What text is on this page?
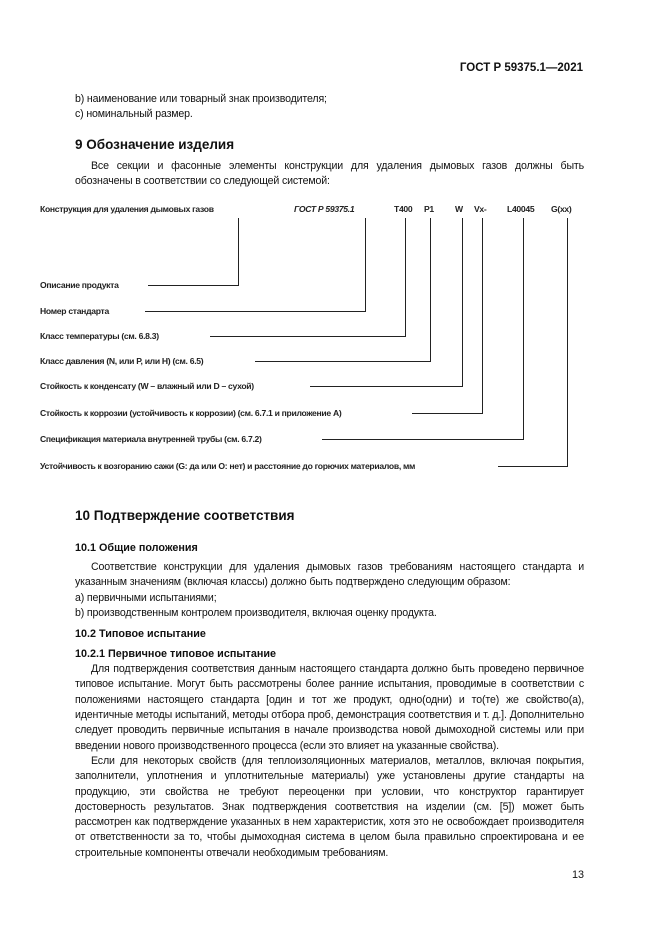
ГОСТ Р 59375.1—2021
b) наименование или товарный знак производителя;
c) номинальный размер.
9 Обозначение изделия
Все секции и фасонные элементы конструкции для удаления дымовых газов должны быть обозначены в соответствии со следующей системой:
Конструкция для удаления дымовых газов	ГОСТ Р 59375.1	Т400 P1 W Vx- L40045 G(xx)
Описание продукта
Номер стандарта
Класс температуры (см. 6.8.3)
Класс давления (N, или P, или H) (см. 6.5)
Стойкость к конденсату (W – влажный или D – сухой)
Стойкость к коррозии (устойчивость к коррозии) (см. 6.7.1 и приложение А)
Спецификация материала внутренней трубы (см. 6.7.2)
Устойчивость к возгоранию сажи (G: да или O: нет) и расстояние до горючих материалов, мм
10 Подтверждение соответствия
10.1 Общие положения
Соответствие конструкции для удаления дымовых газов требованиям настоящего стандарта и указанным значениям (включая классы) должно быть подтверждено следующим образом:
a) первичными испытаниями;
b) производственным контролем производителя, включая оценку продукта.
10.2 Типовое испытание
10.2.1 Первичное типовое испытание
Для подтверждения соответствия данным настоящего стандарта должно быть проведено первичное типовое испытание. Могут быть рассмотрены более ранние испытания, проводимые в соответствии с положениями настоящего стандарта [один и тот же продукт, одно(одни) и то(те) же свойство(а), идентичные методы испытаний, методы отбора проб, демонстрация соответствия и т. д.]. Дополнительно следует проводить первичные испытания в начале производства новой дымоходной системы или при введении нового производственного процесса (если это влияет на указанные свойства).
Если для некоторых свойств (для теплоизоляционных материалов, металлов, включая покрытия, заполнители, уплотнения и уплотнительные материалы) уже установлены другие стандарты на продукцию, эти свойства не требуют переоценки при условии, что конструктор гарантирует достоверность результатов. Знак подтверждения соответствия на изделии (см. [5]) может быть рассмотрен как подтверждение указанных в нем характеристик, хотя это не освобождает производителя от ответственности за то, чтобы дымоходная система в целом была правильно спроектирована и ее строительные компоненты отвечали необходимым требованиям.
13
